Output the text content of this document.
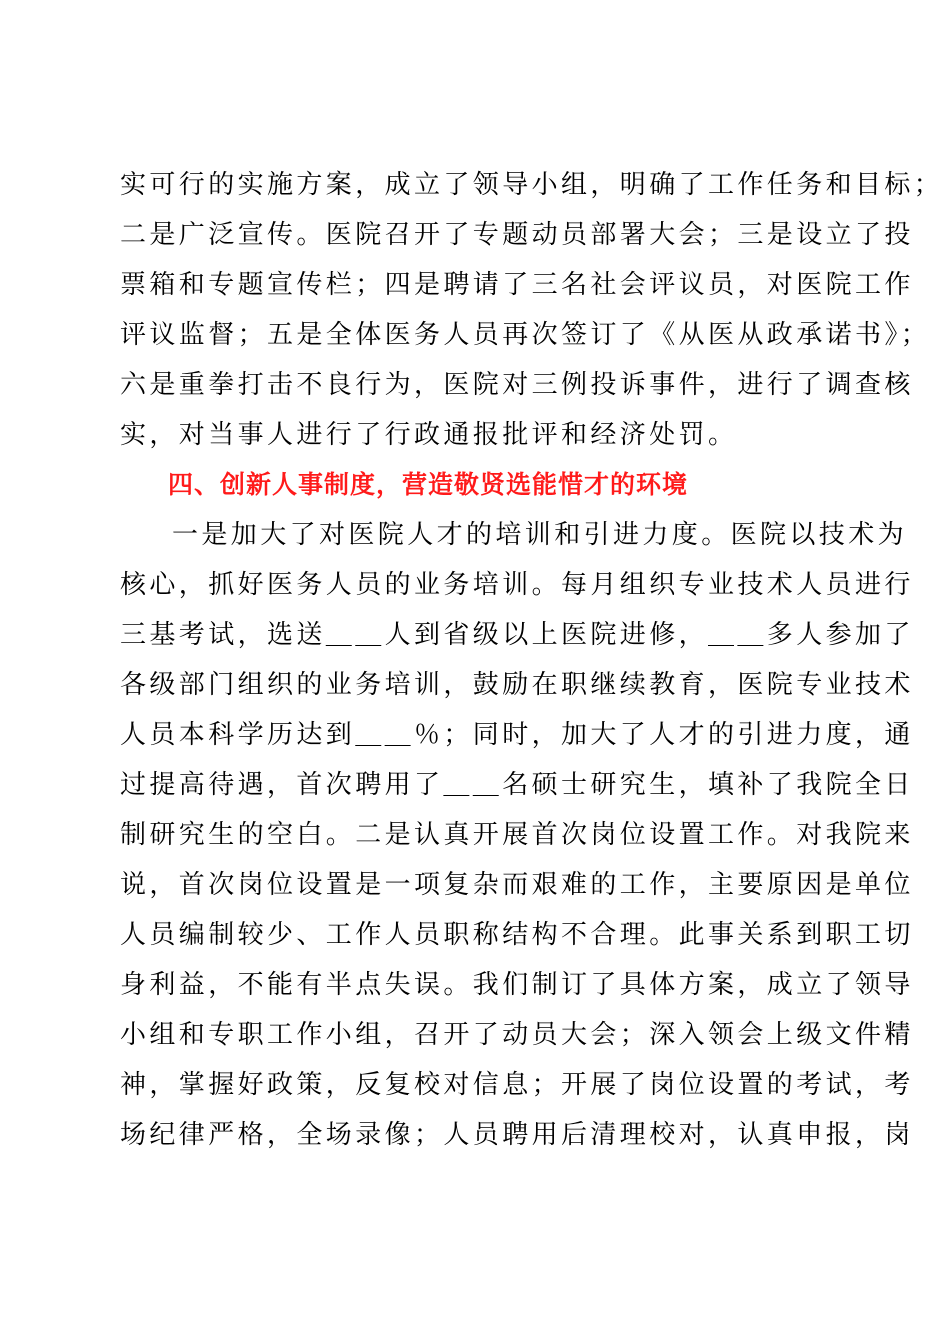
实可行的实施方案，成立了领导小组，明确了工作任务和目标；
二是广泛宣传。医院召开了专题动员部署大会；三是设立了投
票箱和专题宣传栏；四是聘请了三名社会评议员，对医院工作
评议监督；五是全体医务人员再次签订了《从医从政承诺书》；
六是重拳打击不良行为，医院对三例投诉事件，进行了调查核
实，对当事人进行了行政通报批评和经济处罚。
四、创新人事制度，营造敬贤选能惜才的环境
一是加大了对医院人才的培训和引进力度。医院以技术为
核心，抓好医务人员的业务培训。每月组织专业技术人员进行
三基考试，选送＿＿人到省级以上医院进修，＿＿多人参加了
各级部门组织的业务培训，鼓励在职继续教育，医院专业技术
人员本科学历达到＿＿％；同时，加大了人才的引进力度，通
过提高待遇，首次聘用了＿＿名硕士研究生，填补了我院全日
制研究生的空白。二是认真开展首次岗位设置工作。对我院来
说，首次岗位设置是一项复杂而艰难的工作，主要原因是单位
人员编制较少、工作人员职称结构不合理。此事关系到职工切
身利益，不能有半点失误。我们制订了具体方案，成立了领导
小组和专职工作小组，召开了动员大会；深入领会上级文件精
神，掌握好政策，反复校对信息；开展了岗位设置的考试，考
场纪律严格，全场录像；人员聘用后清理校对，认真申报，岗
